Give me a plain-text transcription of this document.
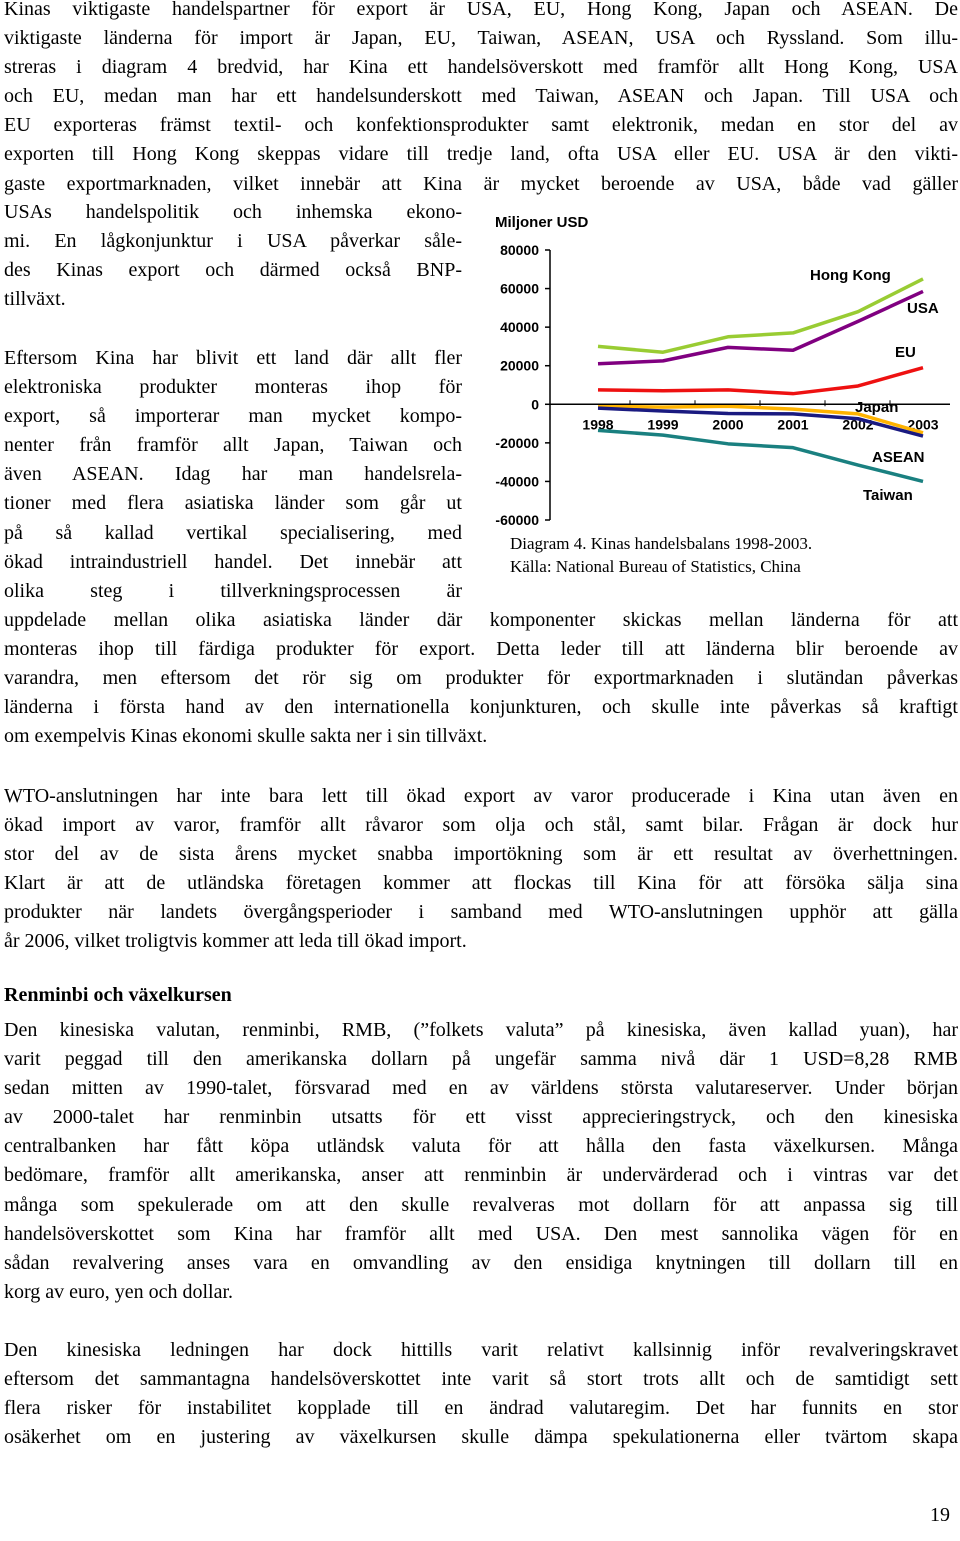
Kinas viktigaste handelspartner för export är USA, EU, Hong Kong, Japan och ASEAN. De
viktigaste länderna för import är Japan, EU, Taiwan, ASEAN, USA och Ryssland. Som illu-
streras i diagram 4 bredvid, har Kina ett handelsöverskott med framför allt Hong Kong, USA
och EU, medan man har ett handelsunderskott med Taiwan, ASEAN och Japan. Till USA och
EU exporteras främst textil- och konfektionsprodukter samt elektronik, medan en stor del av
exporten till Hong Kong skeppas vidare till tredje land, ofta USA eller EU. USA är den vikti-
gaste exportmarknaden, vilket innebär att Kina är mycket beroende av USA, både vad gäller
USAs handelspolitik och inhemska ekono-
mi. En lågkonjunktur i USA påverkar såle-
des Kinas export och därmed också BNP-
tillväxt.
Eftersom Kina har blivit ett land där allt fler
elektroniska produkter monteras ihop för
export, så importerar man mycket kompo-
nenter från framför allt Japan, Taiwan och
även ASEAN. Idag har man handelsrela-
tioner med flera asiatiska länder som går ut
på så kallad vertikal specialisering, med
ökad intraindustriell handel. Det innebär att
olika steg i tillverkningsprocessen är
uppdelade mellan olika asiatiska länder där komponenter skickas mellan länderna för att
monteras ihop till färdiga produkter för export. Detta leder till att länderna blir beroende av
varandra, men eftersom det rör sig om produkter för exportmarknaden i slutändan påverkas
länderna i första hand av den internationella konjunkturen, och skulle inte påverkas så kraftigt
om exempelvis Kinas ekonomi skulle sakta ner i sin tillväxt.
WTO-anslutningen har inte bara lett till ökad export av varor producerade i Kina utan även en
ökad import av varor, framför allt råvaror som olja och stål, samt bilar. Frågan är dock hur
stor del av de sista årens mycket snabba importökning som är ett resultat av överhettningen.
Klart är att de utländska företagen kommer att flockas till Kina för att försöka sälja sina
produkter när landets övergångsperioder i samband med WTO-anslutningen upphör att gälla
år 2006, vilket troligtvis kommer att leda till ökad import.
Renminbi och växelkursen
Den kinesiska valutan, renminbi, RMB, (”folkets valuta” på kinesiska, även kallad yuan), har
varit peggad till den amerikanska dollarn på ungefär samma nivå där 1 USD=8,28 RMB
sedan mitten av 1990-talet, försvarad med en av världens största valutareserver. Under början
av 2000-talet har renminbin utsatts för ett visst apprecieringstryck, och den kinesiska
centralbanken har fått köpa utländsk valuta för att hålla den fasta växelkursen. Många
bedömare, framför allt amerikanska, anser att renminbin är undervärderad och i vintras var det
många som spekulerade om att den skulle revalveras mot dollarn för att anpassa sig till
handelsöverskottet som Kina har framför allt med USA. Den mest sannolika vägen för en
sådan revalvering anses vara en omvandling av den ensidiga knytningen till dollarn till en
korg av euro, yen och dollar.
Den kinesiska ledningen har dock hittills varit relativt kallsinnig inför revalveringskravet
eftersom det sammantagna handelsöverskottet inte varit så stort trots allt och de samtidigt sett
flera risker för instabilitet kopplade till en ändrad valutaregim. Det har funnits en stor
osäkerhet om en justering av växelkursen skulle dämpa spekulationerna eller tvärtom skapa
19
Miljoner USD
80000
60000
40000
20000
0
-20000
-40000
-60000
1998 1999 2000 2001 2002 2003
Hong Kong
USA
EU
Japan
ASEAN
Taiwan
Diagram 4. Kinas handelsbalans 1998-2003.
Källa: National Bureau of Statistics, China
